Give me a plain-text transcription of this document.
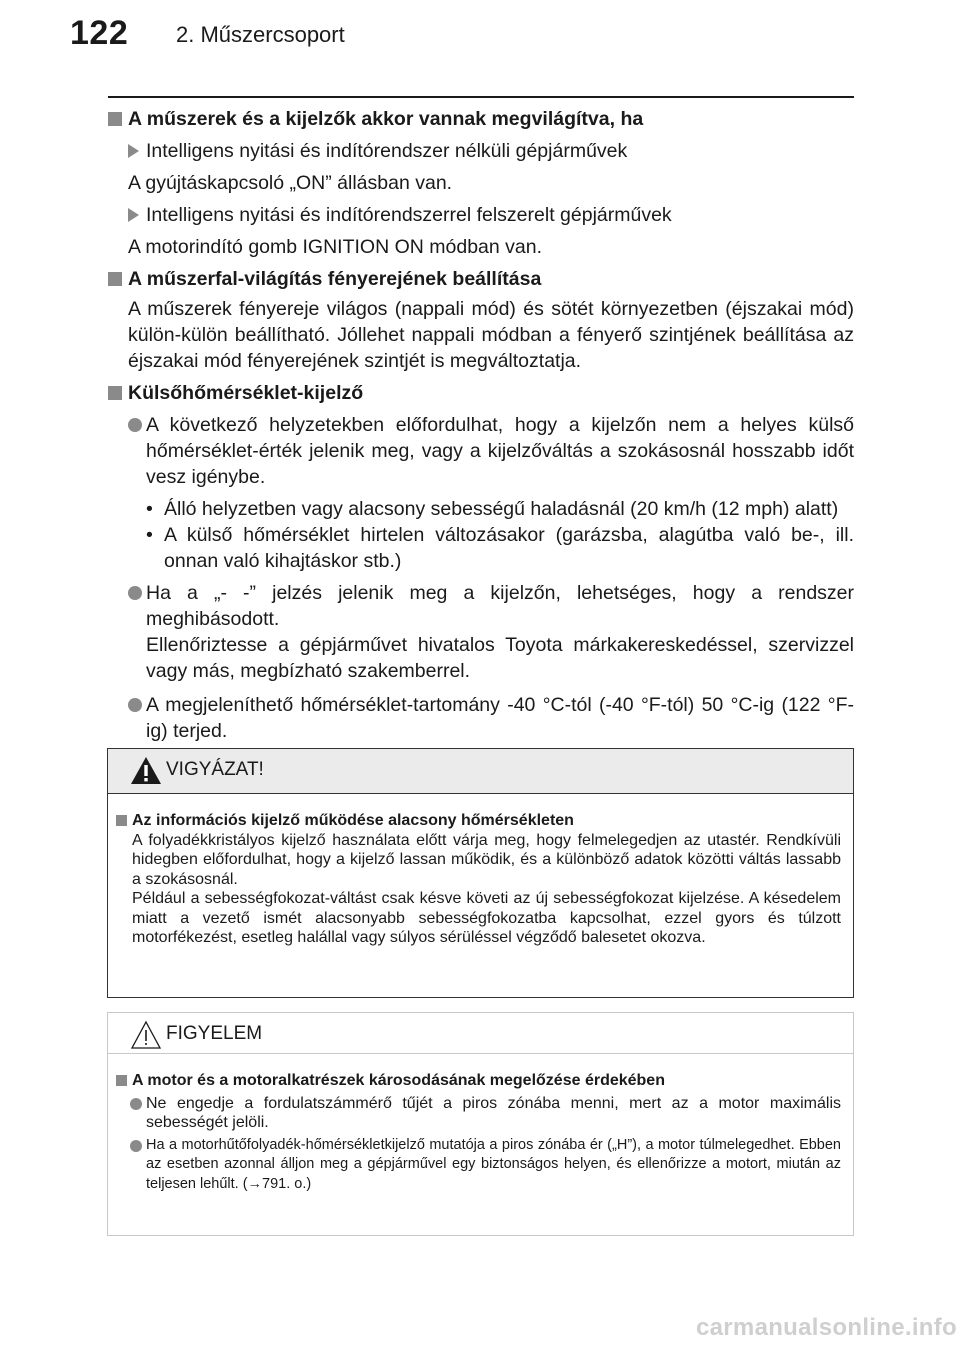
122 2. Műszercsoport
A műszerek és a kijelzők akkor vannak megvilágítva, ha
Intelligens nyitási és indítórendszer nélküli gépjárművek
A gyújtáskapcsoló „ON” állásban van.
Intelligens nyitási és indítórendszerrel felszerelt gépjárművek
A motorindító gomb IGNITION ON módban van.
A műszerfal-világítás fényerejének beállítása
A műszerek fényereje világos (nappali mód) és sötét környezetben (éjszakai mód) külön-külön beállítható. Jóllehet nappali módban a fényerő szintjének beállítása az éjszakai mód fényerejének szintjét is megváltoztatja.
Külsőhőmérséklet-kijelző
A következő helyzetekben előfordulhat, hogy a kijelzőn nem a helyes külső hőmérséklet-érték jelenik meg, vagy a kijelzőváltás a szokásosnál hosszabb időt vesz igénybe.
• Álló helyzetben vagy alacsony sebességű haladásnál (20 km/h (12 mph) alatt)
• A külső hőmérséklet hirtelen változásakor (garázsba, alagútba való be-, ill. onnan való kihajtáskor stb.)
Ha a „- -” jelzés jelenik meg a kijelzőn, lehetséges, hogy a rendszer meghibásodott.
Ellenőriztesse a gépjárművet hivatalos Toyota márkakereskedéssel, szervizzel vagy más, megbízható szakemberrel.
A megjeleníthető hőmérséklet-tartomány -40 °C-tól (-40 °F-tól) 50 °C-ig (122 °F-ig) terjed.
VIGYÁZAT!
Az információs kijelző működése alacsony hőmérsékleten
A folyadékkristályos kijelző használata előtt várja meg, hogy felmelegedjen az utastér. Rendkívüli hidegben előfordulhat, hogy a kijelző lassan működik, és a különböző adatok közötti váltás lassabb a szokásosnál.
Például a sebességfokozat-váltást csak késve követi az új sebességfokozat kijelzése. A késedelem miatt a vezető ismét alacsonyabb sebességfokozatba kapcsolhat, ezzel gyors és túlzott motorfékezést, esetleg halállal vagy súlyos sérüléssel végződő balesetet okozva.
FIGYELEM
A motor és a motoralkatrészek károsodásának megelőzése érdekében
Ne engedje a fordulatszámmérő tűjét a piros zónába menni, mert az a motor maximális sebességét jelöli.
Ha a motorhűtőfolyadék-hőmérsékletkijelző mutatója a piros zónába ér („H”), a motor túlmelegedhet. Ebben az esetben azonnal álljon meg a gépjárművel egy biztonságos helyen, és ellenőrizze a motort, miután az teljesen lehűlt. (→791. o.)
carmanualsonline.info
